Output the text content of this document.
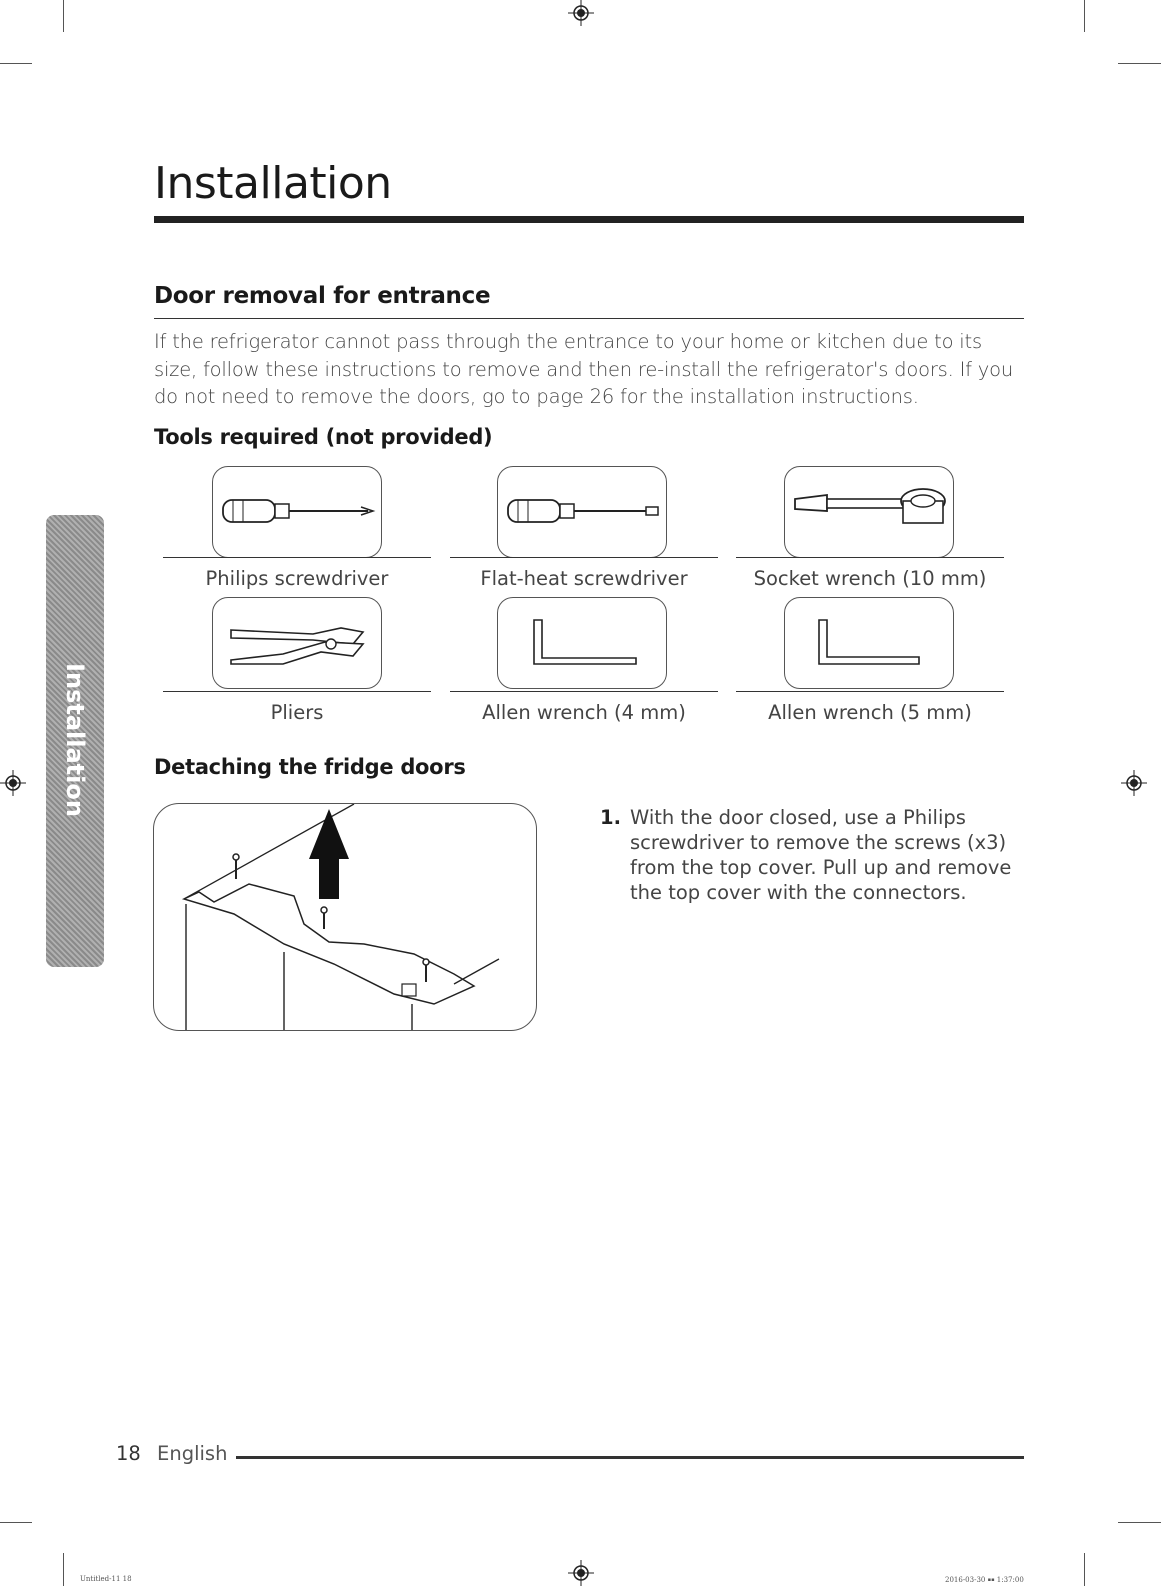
Installation
Door removal for entrance
If the refrigerator cannot pass through the entrance to your home or kitchen due to its size, follow these instructions to remove and then re-install the refrigerator's doors. If you do not need to remove the doors, go to page 26 for the installation instructions.
Tools required (not provided)
Philips screwdriver	Flat-heat screwdriver	Socket wrench (10 mm)
Pliers	Allen wrench (4 mm)	Allen wrench (5 mm)
Installation	Detaching the fridge doors
1. With the door closed, use a Philips screwdriver to remove the screws (x3) from the top cover. Pull up and remove the top cover with the connectors.
18 English
Untitled-11 18	2016-03-30 ￭￭ 1:37:00
